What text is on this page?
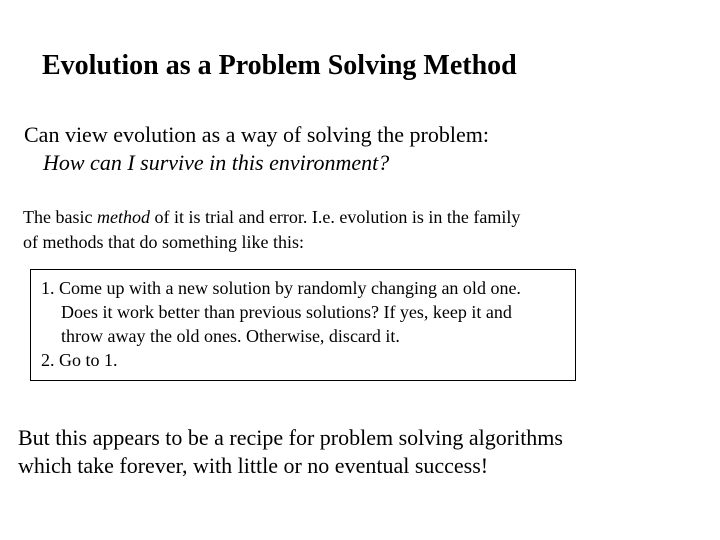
Evolution as a Problem Solving Method
Can view evolution as a way of solving the problem:
How can I survive in this environment?
The basic method of it is trial and error. I.e. evolution is in the family
of methods that do something like this:
1. Come up with a new solution by randomly changing an old one.
Does it work better than previous solutions? If yes, keep it and
throw away the old ones. Otherwise, discard it.
2. Go to 1.
But this appears to be a recipe for problem solving algorithms
which take forever, with little or no eventual success!
